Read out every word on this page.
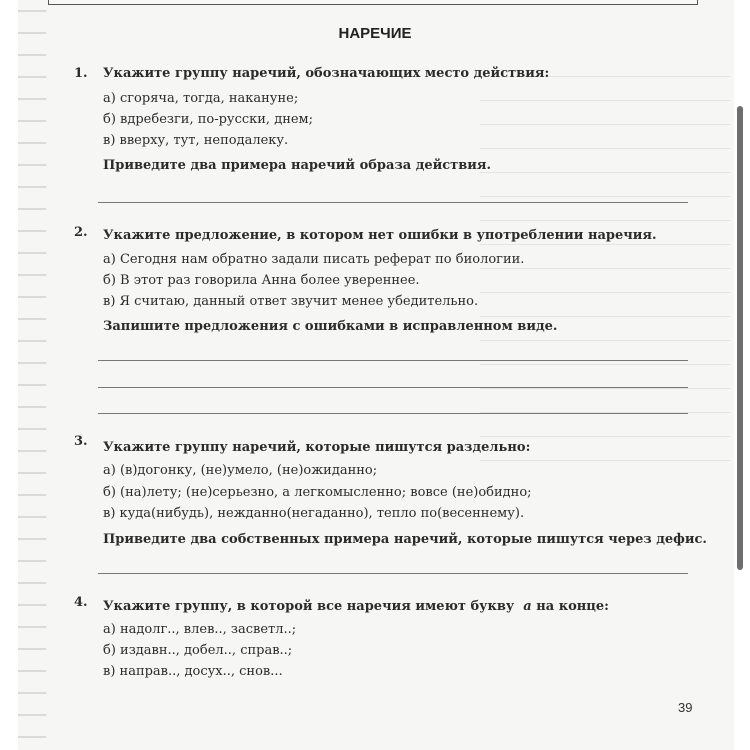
НАРЕЧИЕ
1. Укажите группу наречий, обозначающих место действия:
а) сгоряча, тогда, накануне;
б) вдребезги, по-русски, днем;
в) вверху, тут, неподалеку.
Приведите два примера наречий образа действия.
2. Укажите предложение, в котором нет ошибки в употреблении наречия.
а) Сегодня нам обратно задали писать реферат по биологии.
б) В этот раз говорила Анна более увереннее.
в) Я считаю, данный ответ звучит менее убедительно.
Запишите предложения с ошибками в исправленном виде.
3. Укажите группу наречий, которые пишутся раздельно:
а) (в)догонку, (не)умело, (не)ожиданно;
б) (на)лету; (не)серьезно, а легкомысленно; вовсе (не)обидно;
в) куда(нибудь), нежданно(негаданно), тепло по(весеннему).
Приведите два собственных примера наречий, которые пишутся через дефис.
4. Укажите группу, в которой все наречия имеют букву а на конце:
а) надолг.., влев.., засветл..;
б) издавн.., добел.., справ..;
в) направ.., досух.., снов...
39
